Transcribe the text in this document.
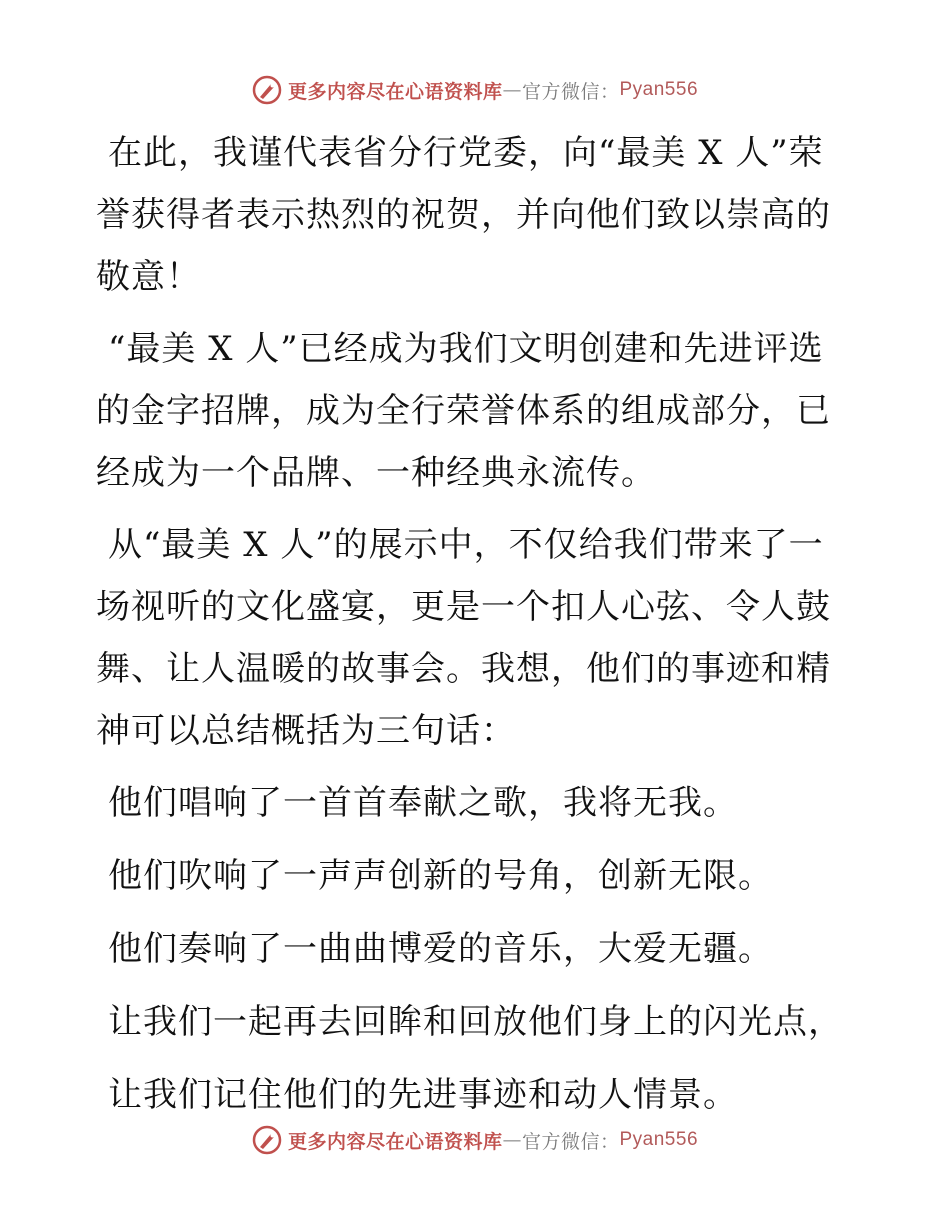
更多内容尽在心语资料库 — 官方微信： Pyan556

在此，我谨代表省分行党委，向“最美 X 人”荣誉获得者表示热烈的祝贺，并向他们致以崇高的敬意！

“最美 X 人”已经成为我们文明创建和先进评选的金字招牌，成为全行荣誉体系的组成部分，已经成为一个品牌、一种经典永流传。

从“最美 X 人”的展示中，不仅给我们带来了一场视听的文化盛宴，更是一个扣人心弦、令人鼓舞、让人温暖的故事会。我想，他们的事迹和精神可以总结概括为三句话：

他们唱响了一首首奉献之歌，我将无我。

他们吹响了一声声创新的号角，创新无限。

他们奏响了一曲曲博爱的音乐，大爱无疆。

让我们一起再去回眸和回放他们身上的闪光点，

让我们记住他们的先进事迹和动人情景。

更多内容尽在心语资料库 — 官方微信： Pyan556
